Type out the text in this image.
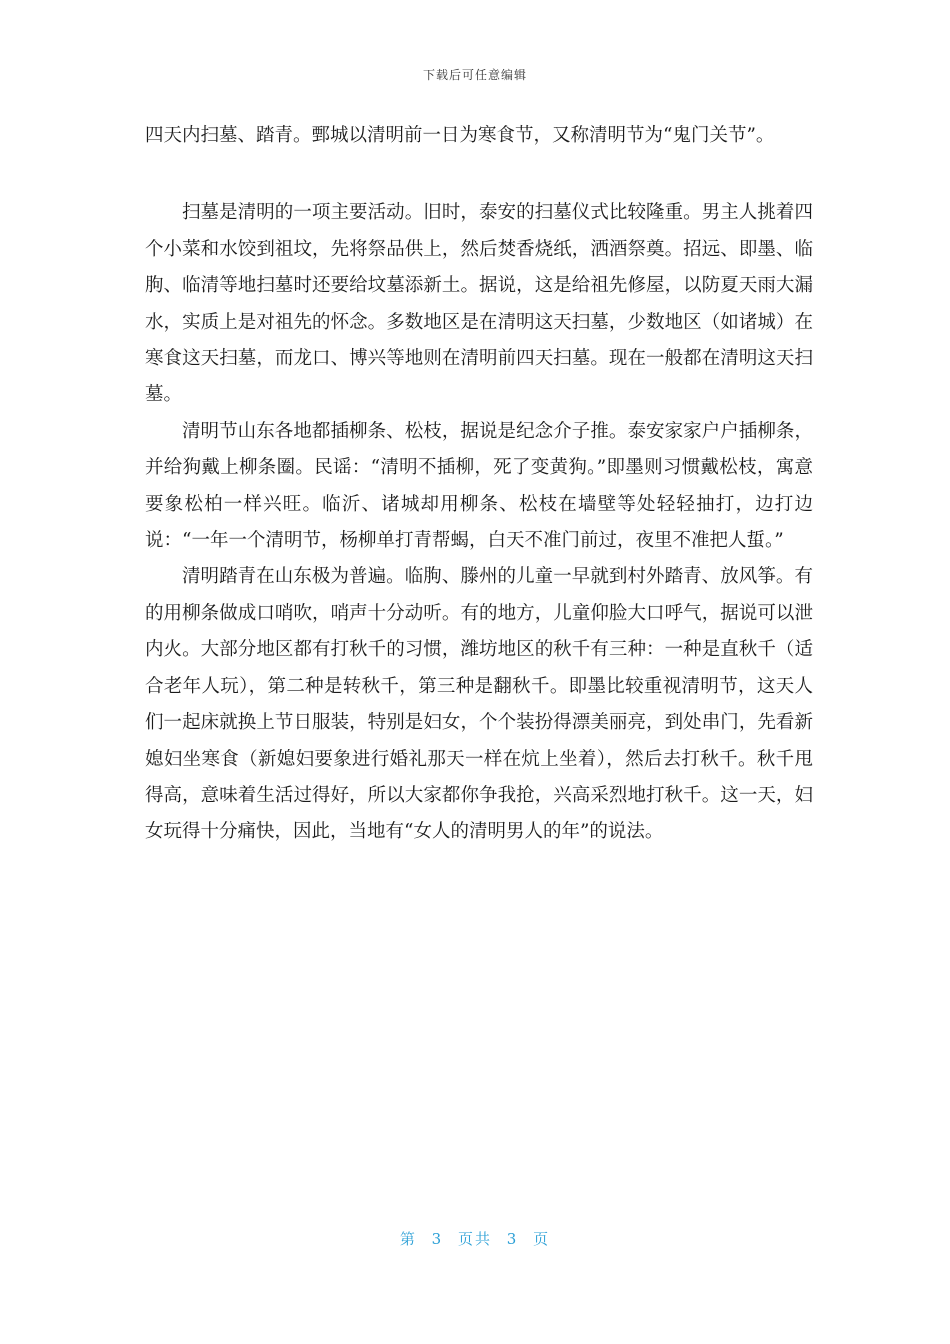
下载后可任意编辑

四天内扫墓、踏青。鄄城以清明前一日为寒食节，又称清明节为“鬼门关节”。

扫墓是清明的一项主要活动。旧时，泰安的扫墓仪式比较隆重。男主人挑着四个小菜和水饺到祖坟，先将祭品供上，然后焚香烧纸，洒酒祭奠。招远、即墨、临朐、临清等地扫墓时还要给坟墓添新土。据说，这是给祖先修屋，以防夏天雨大漏水，实质上是对祖先的怀念。多数地区是在清明这天扫墓，少数地区（如诸城）在寒食这天扫墓，而龙口、博兴等地则在清明前四天扫墓。现在一般都在清明这天扫墓。

清明节山东各地都插柳条、松枝，据说是纪念介子推。泰安家家户户插柳条，并给狗戴上柳条圈。民谣：“清明不插柳，死了变黄狗。”即墨则习惯戴松枝，寓意要象松柏一样兴旺。临沂、诸城却用柳条、松枝在墙壁等处轻轻抽打，边打边说：“一年一个清明节，杨柳单打青帮蝎，白天不准门前过，夜里不准把人蜇。”

清明踏青在山东极为普遍。临朐、滕州的儿童一早就到村外踏青、放风筝。有的用柳条做成口哨吹，哨声十分动听。有的地方，儿童仰脸大口呼气，据说可以泄内火。大部分地区都有打秋千的习惯，潍坊地区的秋千有三种：一种是直秋千（适合老年人玩），第二种是转秋千，第三种是翻秋千。即墨比较重视清明节，这天人们一起床就换上节日服装，特别是妇女，个个装扮得漂美丽亮，到处串门，先看新媳妇坐寒食（新媳妇要象进行婚礼那天一样在炕上坐着），然后去打秋千。秋千甩得高，意味着生活过得好，所以大家都你争我抢，兴高采烈地打秋千。这一天，妇女玩得十分痛快，因此，当地有“女人的清明男人的年”的说法。

第 3 页共 3 页
